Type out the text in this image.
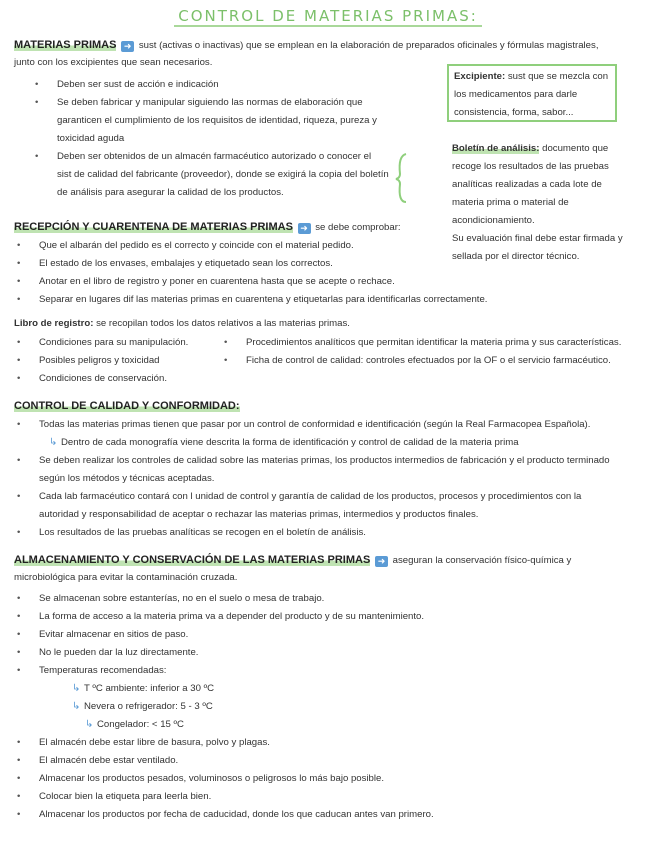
CONTROL DE MATERIAS PRIMAS:
MATERIAS PRIMAS ➜ sust (activas o inactivas) que se emplean en la elaboración de preparados oficinales y fórmulas magistrales,
junto con los excipientes que sean necesarios.
• Deben ser sust de acción e indicación
• Se deben fabricar y manipular siguiendo las normas de elaboración que
garanticen el cumplimiento de los requisitos de identidad, riqueza, pureza y
toxicidad aguda
• Deben ser obtenidos de un almacén farmacéutico autorizado o conocer el
sist de calidad del fabricante (proveedor), donde se exigirá la copia del boletín
de análisis para asegurar la calidad de los productos.
Excipiente: sust que se mezcla con
los medicamentos para darle
consistencia, forma, sabor...
Boletín de análisis: documento que
recoge los resultados de las pruebas
analíticas realizadas a cada lote de
materia prima o material de
acondicionamiento.
Su evaluación final debe estar firmada y
sellada por el director técnico.
RECEPCIÓN Y CUARENTENA DE MATERIAS PRIMAS ➜ se debe comprobar:
• Que el albarán del pedido es el correcto y coincide con el material pedido.
• El estado de los envases, embalajes y etiquetado sean los correctos.
• Anotar en el libro de registro y poner en cuarentena hasta que se acepte o rechace.
• Separar en lugares dif las materias primas en cuarentena y etiquetarlas para identificarlas correctamente.
Libro de registro: se recopilan todos los datos relativos a las materias primas.
• Condiciones para su manipulación.
• Posibles peligros y toxicidad
• Condiciones de conservación.
• Procedimientos analíticos que permitan identificar la materia prima y sus características.
• Ficha de control de calidad: controles efectuados por la OF o el servicio farmacéutico.
CONTROL DE CALIDAD Y CONFORMIDAD:
• Todas las materias primas tienen que pasar por un control de conformidad e identificación (según la Real Farmacopea Española).
↳ Dentro de cada monografía viene descrita la forma de identificación y control de calidad de la materia prima
• Se deben realizar los controles de calidad sobre las materias primas, los productos intermedios de fabricación y el producto terminado
según los métodos y técnicas aceptadas.
• Cada lab farmacéutico contará con l unidad de control y garantía de calidad de los productos, procesos y procedimientos con la
autoridad y responsabilidad de aceptar o rechazar las materias primas, intermedios y productos finales.
• Los resultados de las pruebas analíticas se recogen en el boletín de análisis.
ALMACENAMIENTO Y CONSERVACIÓN DE LAS MATERIAS PRIMAS ➜ aseguran la conservación físico-química y
microbiológica para evitar la contaminación cruzada.
• Se almacenan sobre estanterías, no en el suelo o mesa de trabajo.
• La forma de acceso a la materia prima va a depender del producto y de su mantenimiento.
• Evitar almacenar en sitios de paso.
• No le pueden dar la luz directamente.
• Temperaturas recomendadas:
↳ T ºC ambiente: inferior a 30 ºC
↳ Nevera o refrigerador: 5 - 3 ºC
↳ Congelador: < 15 ºC
• El almacén debe estar libre de basura, polvo y plagas.
• El almacén debe estar ventilado.
• Almacenar los productos pesados, voluminosos o peligrosos lo más bajo posible.
• Colocar bien la etiqueta para leerla bien.
• Almacenar los productos por fecha de caducidad, donde los que caducan antes van primero.
